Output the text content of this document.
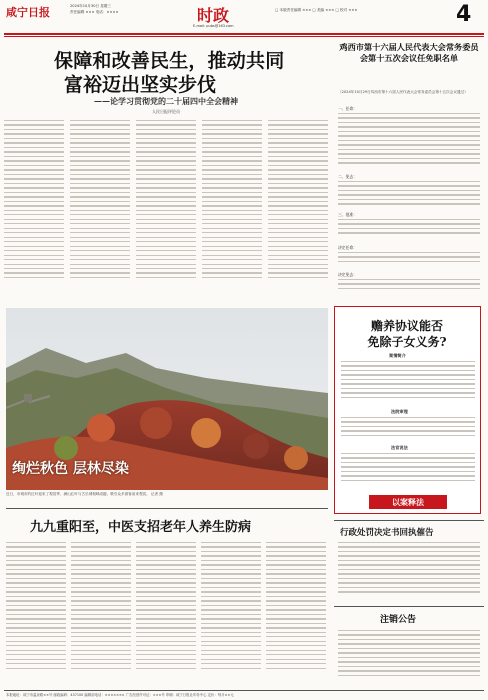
咸宁日报	2024年10月30日 星期三
责任编辑 ××× 电话：××××	时政
E-mail: pubs@163.com
□ 本版责任编辑 ××× □ 美编 ××× □ 校对 ×××	4
保障和改善民生，推动共同
富裕迈出坚实步伐
——论学习贯彻党的二十届四中全会精神
人民日报评论员
鸡西市第十六届人民代表大会常务委员会第十五次会议任免职名单
（2024年10月29日鸡西市第十六届人民代表大会常务委员会第十五次会议通过）
一、任命：
二、免去：
三、批准：
决定任命：
决定免去：
绚烂秋色 层林尽染
近日，市城市的红叶迎来了观赏季，满山红叶与古长城相映成趣，吸引众多游客前来观赏。 记者 摄
赡养协议能否
免除子女义务?
案情简介
法院审理
法官说法
以案释法
九九重阳至，中医支招老年人养生防病	行政处罚决定书回执催告
注销公告
本报地址：咸宁市温泉路××号 邮政编码：437100 编辑部电话：××××××× 广告经营许可证：×××号 印刷：咸宁日报社印务中心 定价：每月××元
